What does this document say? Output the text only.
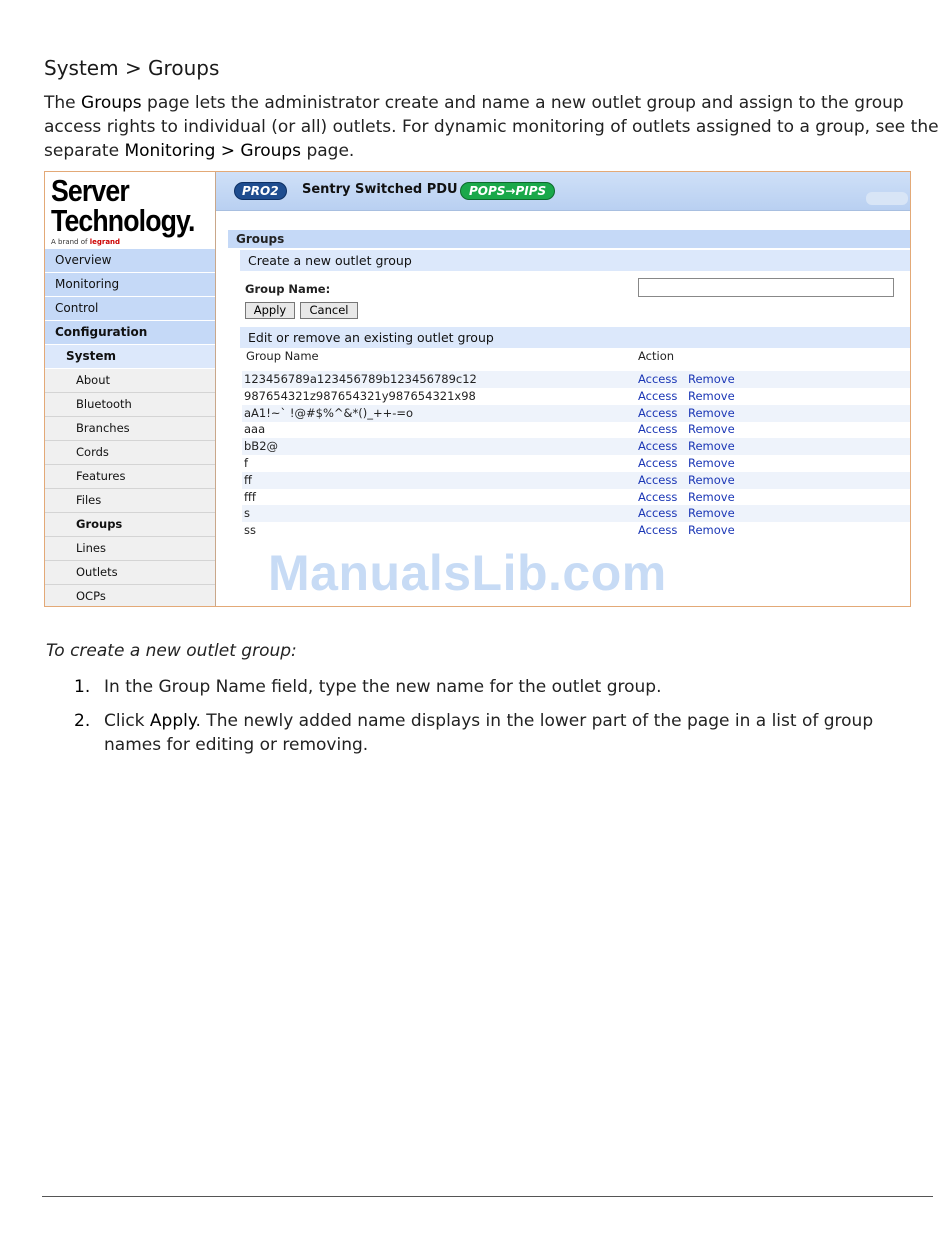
System > Groups
The Groups page lets the administrator create and name a new outlet group and assign to the group access rights to individual (or all) outlets. For dynamic monitoring of outlets assigned to a group, see the separate Monitoring > Groups page.
Server
Technology.
A brand of legrand
Overview
Monitoring
Control
Configuration
System
About
Bluetooth
Branches
Cords
Features
Files
Groups
Lines
Outlets
OCPs
PRO2	Sentry Switched PDU POPS→PIPS
Groups
Create a new outlet group
Group Name:
Apply	Cancel
Edit or remove an existing outlet group
Group Name	Action
123456789a123456789b123456789c12	Access Remove
987654321z987654321y987654321x98	Access Remove
aA1!~` !@#$%^&*()_++-=o	Access Remove
aaa	Access Remove
bB2@	Access Remove
f	Access Remove
ff	Access Remove
fff	Access Remove
s	Access Remove
ss	Access Remove
ManualsLib.com
To create a new outlet group:
1. In the Group Name field, type the new name for the outlet group.
2. Click Apply. The newly added name displays in the lower part of the page in a list of group names for editing or removing.
